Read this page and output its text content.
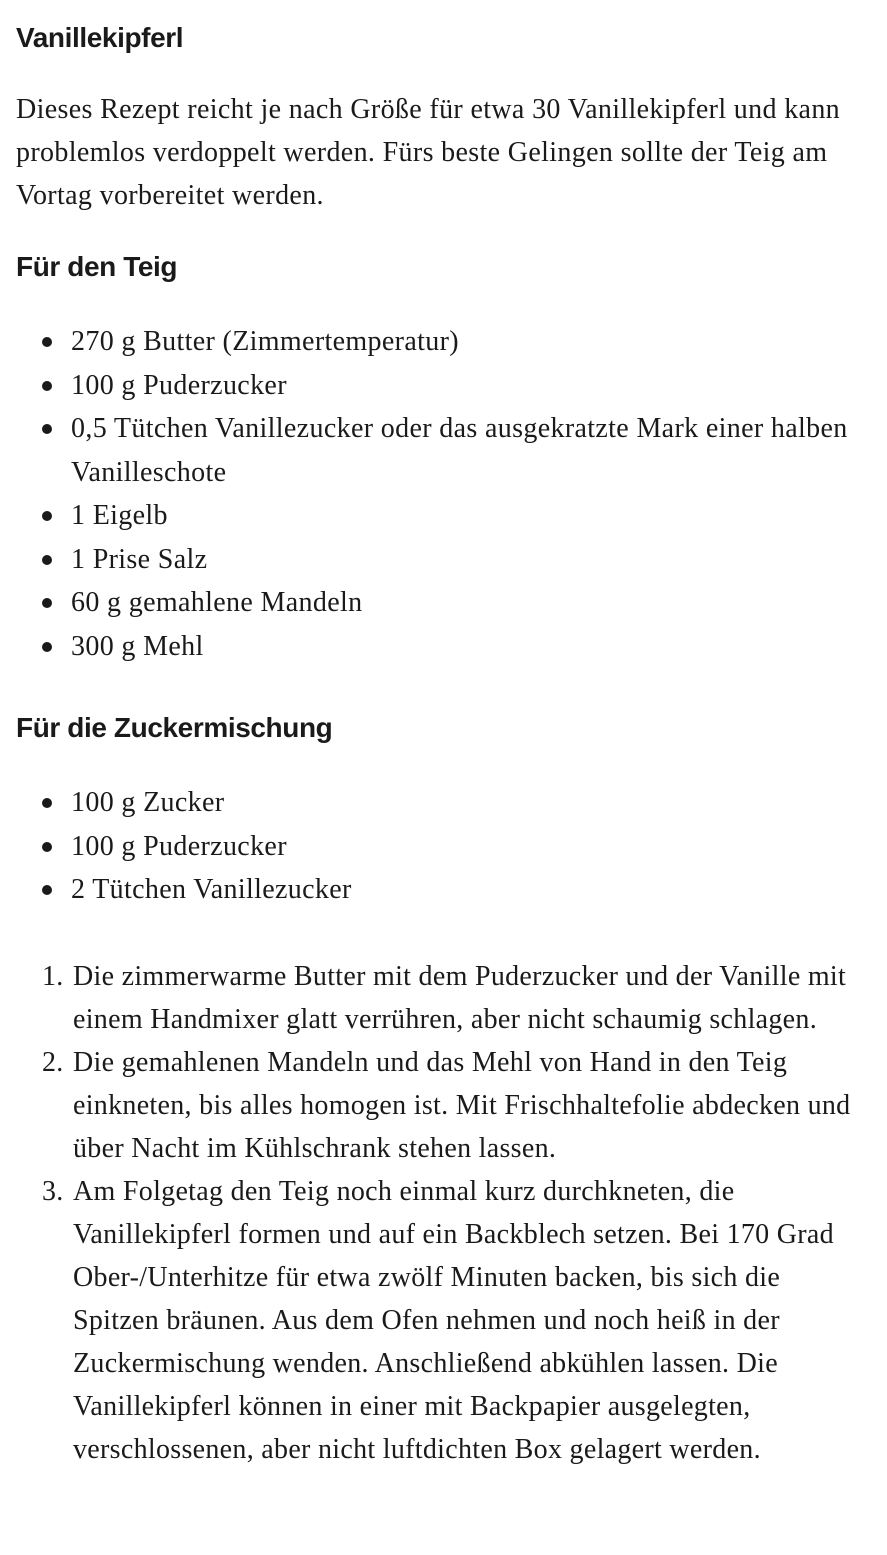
Vanillekipferl

Dieses Rezept reicht je nach Größe für etwa 30 Vanillekipferl und kann problemlos verdoppelt werden. Fürs beste Gelingen sollte der Teig am Vortag vorbereitet werden.

Für den Teig
270 g Butter (Zimmertemperatur)
100 g Puderzucker
0,5 Tütchen Vanillezucker oder das ausgekratzte Mark einer halben Vanilleschote
1 Eigelb
1 Prise Salz
60 g gemahlene Mandeln
300 g Mehl
Für die Zuckermischung
100 g Zucker
100 g Puderzucker
2 Tütchen Vanillezucker
1. Die zimmerwarme Butter mit dem Puderzucker und der Vanille mit einem Handmixer glatt verrühren, aber nicht schaumig schlagen.
2. Die gemahlenen Mandeln und das Mehl von Hand in den Teig einkneten, bis alles homogen ist. Mit Frischhaltefolie abdecken und über Nacht im Kühlschrank stehen lassen.
3. Am Folgetag den Teig noch einmal kurz durchkneten, die Vanillekipferl formen und auf ein Backblech setzen. Bei 170 Grad Ober-/Unterhitze für etwa zwölf Minuten backen, bis sich die Spitzen bräunen. Aus dem Ofen nehmen und noch heiß in der Zuckermischung wenden. Anschließend abkühlen lassen. Die Vanillekipferl können in einer mit Backpapier ausgelegten, verschlossenen, aber nicht luftdichten Box gelagert werden.
